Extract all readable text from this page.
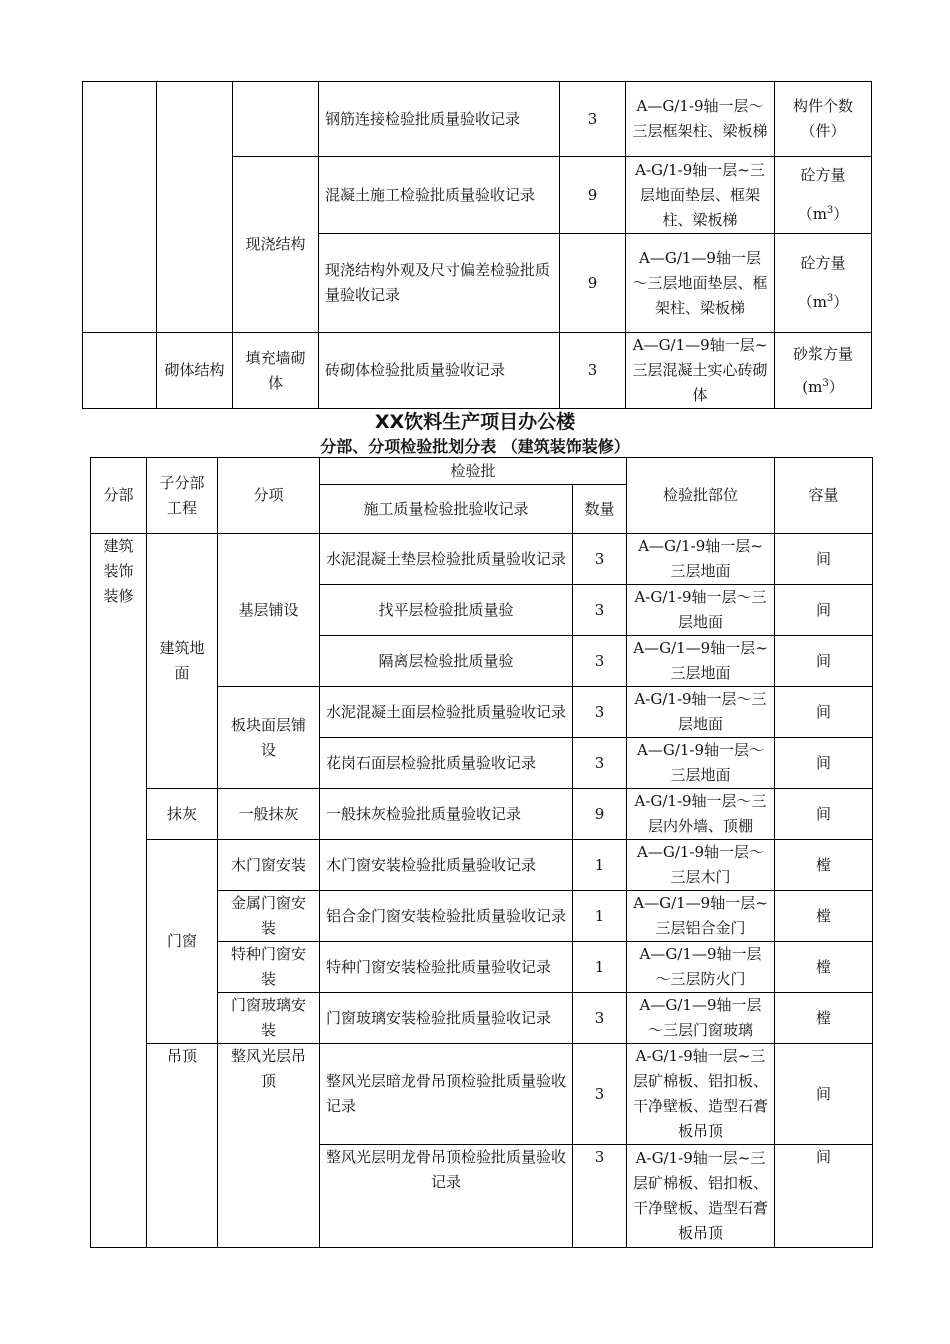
			钢筋连接检验批质量验收记录	3	A—G/1-9轴一层～三层框架柱、梁板梯	构件个数（件）
		现浇结构	混凝土施工检验批质量验收记录	9	A-G/1-9轴一层~三层地面垫层、框架柱、梁板梯	砼方量
$(m^3)$

			现浇结构外观及尺寸偏差检验批质量验收记录	9	A—G/1—9轴一层～三层地面垫层、框架柱、梁板梯	砼方量
$(m^3)$

	砌体结构	填充墙砌体	砖砌体检验批质量验收记录	3	A—G/1—9轴一层~三层混凝土实心砖砌体	砂浆方量
$(m^3)$
XX饮料生产项目办公楼
分部、分项检验批划分表 （建筑装饰装修）
分部	子分部工程	分项	检验批		检验批部位	容量
			施工质量检验批验收记录	数量		
建筑装饰装修	建筑地面	基层铺设	水泥混凝土垫层检验批质量验收记录	3	A—G/1-9轴一层~三层地面	间
			找平层检验批质量验	3	A-G/1-9轴一层～三层地面	间
			隔离层检验批质量验	3	A—G/1—9轴一层~三层地面	间
		板块面层铺设	水泥混凝土面层检验批质量验收记录	3	A-G/1-9轴一层～三层地面	间
			花岗石面层检验批质量验收记录	3	A—G/1-9轴一层～三层地面	间
	抹灰	一般抹灰	一般抹灰检验批质量验收记录	9	A-G/1-9轴一层～三层内外墙、顶棚	间
	门窗	木门窗安装	木门窗安装检验批质量验收记录	1	A—G/1-9轴一层～三层木门	樘
		金属门窗安装	铝合金门窗安装检验批质量验收记录	1	A—G/1—9轴一层~三层铝合金门	樘
		特种门窗安装	特种门窗安装检验批质量验收记录	1	A—G/1—9轴一层～三层防火门	樘
		门窗玻璃安装	门窗玻璃安装检验批质量验收记录	3	A—G/1—9轴一层～三层门窗玻璃	樘
	吊顶	整风光层吊顶	整风光层暗龙骨吊顶检验批质量验收记录	3	A-G/1-9轴一层~三层矿棉板、铝扣板、干净壁板、造型石膏板吊顶	间
			整风光层明龙骨吊顶检验批质量验收记录	3	A-G/1-9轴一层~三层矿棉板、铝扣板、干净壁板、造型石膏板吊顶	间
